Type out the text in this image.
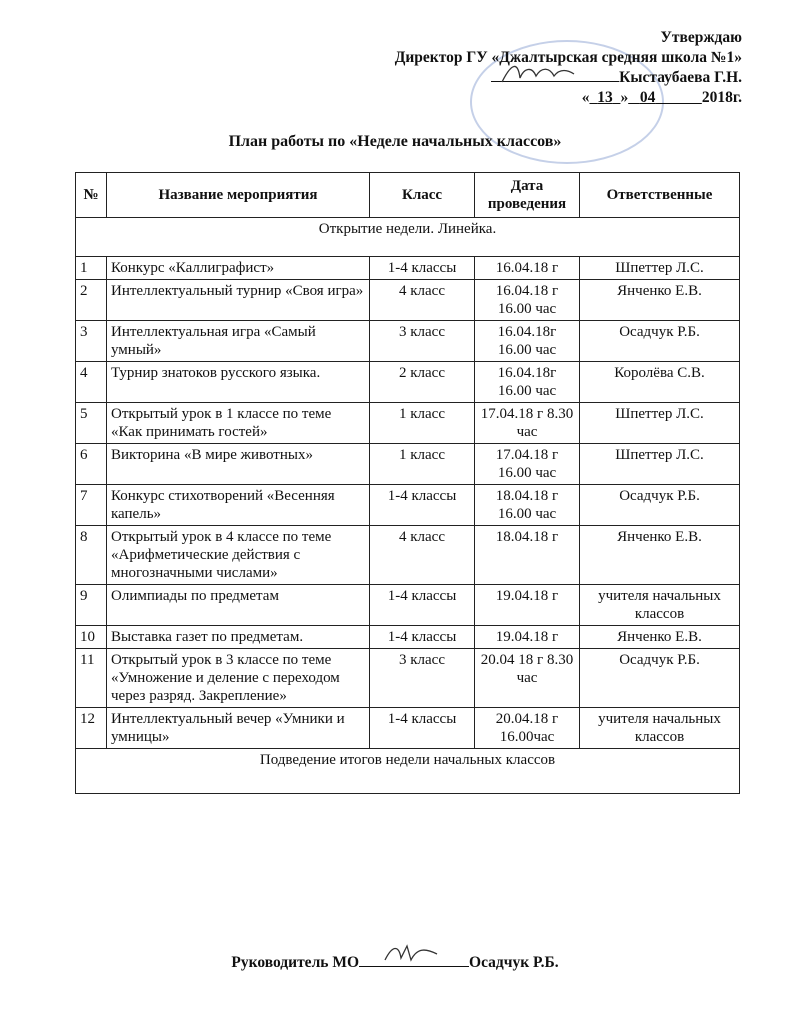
Утверждаю
Директор ГУ «Джалтырская средняя школа №1»
Кыстаубаева Г.Н.
« 13 » 04	2018г.
План работы по «Неделе начальных классов»
№	Название мероприятия	Класс	Дата проведения	Ответственные
Открытие недели. Линейка.				
1	Конкурс «Каллиграфист»	1-4 классы	16.04.18 г	Шпеттер Л.С.
2	Интеллектуальный турнир «Своя игра»	4 класс	16.04.18 г 16.00 час	Янченко Е.В.
3	Интеллектуальная игра «Самый умный»	3 класс	16.04.18г 16.00 час	Осадчук Р.Б.
4	Турнир знатоков русского языка.	2 класс	16.04.18г 16.00 час	Королёва С.В.
5	Открытый урок в 1 классе по теме «Как принимать гостей»	1 класс	17.04.18 г 8.30 час	Шпеттер Л.С.
6	Викторина «В мире животных»	1 класс	17.04.18 г 16.00 час	Шпеттер Л.С.
7	Конкурс стихотворений «Весенняя капель»	1-4 классы	18.04.18 г 16.00 час	Осадчук Р.Б.
8	Открытый урок в 4 классе по теме «Арифметические действия с многозначными числами»	4 класс	18.04.18 г	Янченко Е.В.
9	Олимпиады по предметам	1-4 классы	19.04.18 г	учителя начальных классов
10	Выставка газет по предметам.	1-4 классы	19.04.18 г	Янченко Е.В.
11	Открытый урок в 3 классе по теме «Умножение и деление с переходом через разряд. Закрепление»	3 класс	20.04 18 г 8.30 час	Осадчук Р.Б.
12	Интеллектуальный вечер «Умники и умницы»	1-4 классы	20.04.18 г 16.00час	учителя начальных классов
Подведение итогов недели начальных классов				
Руководитель МО	Осадчук Р.Б.
